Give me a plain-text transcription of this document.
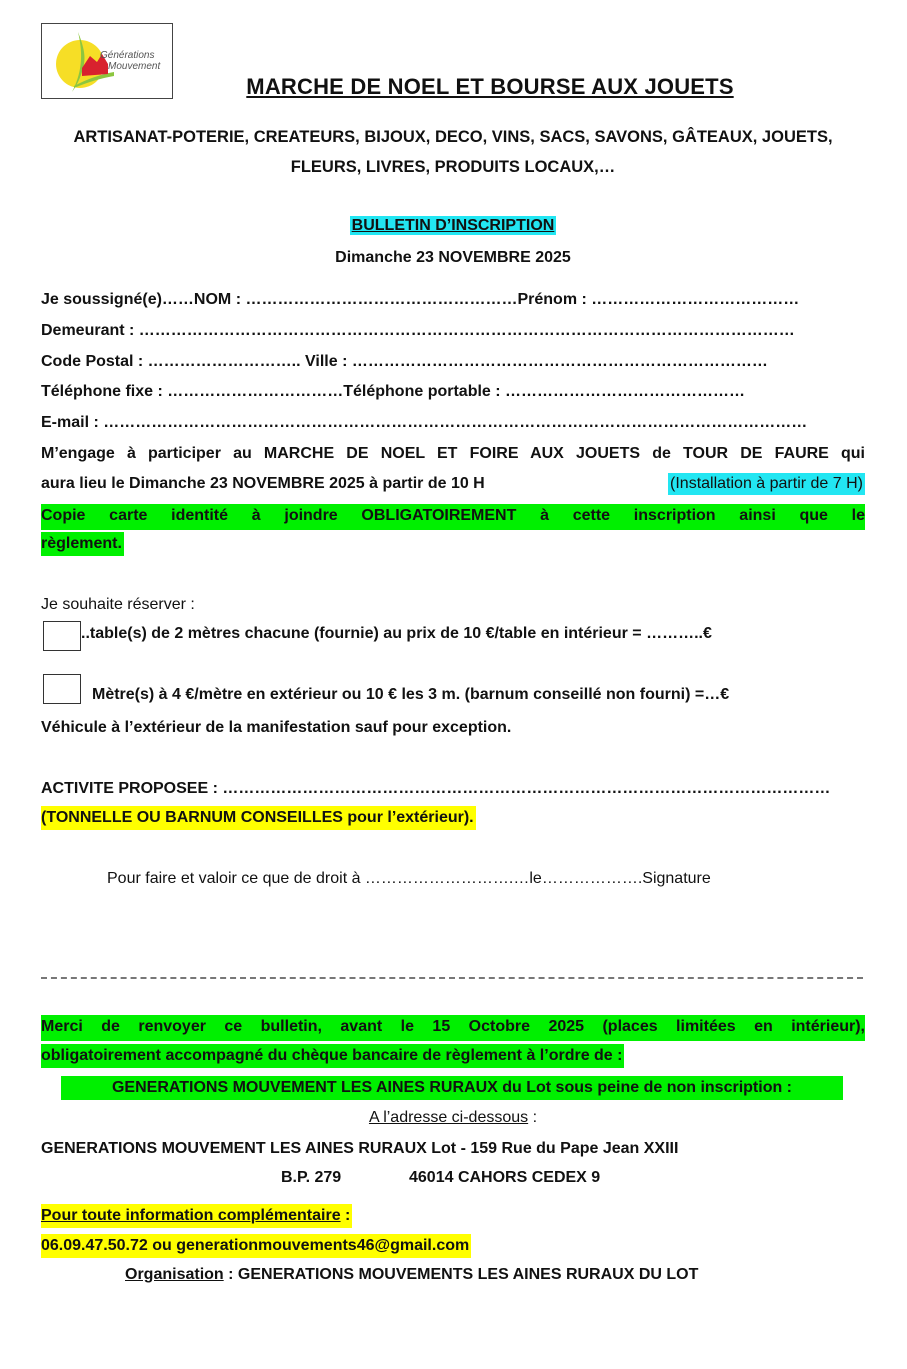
Générations
Mouvement
MARCHE DE NOEL ET BOURSE AUX JOUETS
ARTISANAT-POTERIE, CREATEURS, BIJOUX, DECO, VINS, SACS, SAVONS, GÂTEAUX, JOUETS,
FLEURS, LIVRES, PRODUITS LOCAUX,…
BULLETIN D’INSCRIPTION
Dimanche 23 NOVEMBRE 2025
Je soussigné(e)……NOM : ……………………………………………Prénom : …………………………………
Demeurant : ……………………………………………………………………………………………………………
Code Postal : ……………………….. Ville : ……………………………………………………………………
Téléphone fixe : ……………………………Téléphone portable : ………………………………………
E-mail : ……………………………………………………………………………………………………………………
M’engage à participer au MARCHE DE NOEL ET FOIRE AUX JOUETS de TOUR DE FAURE qui
aura lieu le Dimanche 23 NOVEMBRE 2025 à partir de 10 H	(Installation à partir de 7 H)
Copie carte identité à joindre OBLIGATOIREMENT à cette inscription ainsi que le
règlement.
Je souhaite réserver :
..table(s) de 2 mètres chacune (fournie) au prix de 10 €/table en intérieur = ………..€
Mètre(s) à 4 €/mètre en extérieur ou 10 € les 3 m. (barnum conseillé non fourni) =…€
Véhicule à l’extérieur de la manifestation sauf pour exception.
ACTIVITE PROPOSEE : ……………………………………………………………………………………………………
(TONNELLE OU BARNUM CONSEILLES pour l’extérieur).
Pour faire et valoir ce que de droit à ……………………….…le……………….Signature
Merci de renvoyer ce bulletin, avant le 15 Octobre 2025 (places limitées en intérieur),
obligatoirement accompagné du chèque bancaire de règlement à l’ordre de :
GENERATIONS MOUVEMENT LES AINES RURAUX du Lot sous peine de non inscription :
A l’adresse ci-dessous :
GENERATIONS MOUVEMENT LES AINES RURAUX Lot - 159 Rue du Pape Jean XXIII
B.P. 279	46014 CAHORS CEDEX 9
Pour toute information complémentaire :
06.09.47.50.72 ou generationmouvements46@gmail.com
Organisation : GENERATIONS MOUVEMENTS LES AINES RURAUX DU LOT
